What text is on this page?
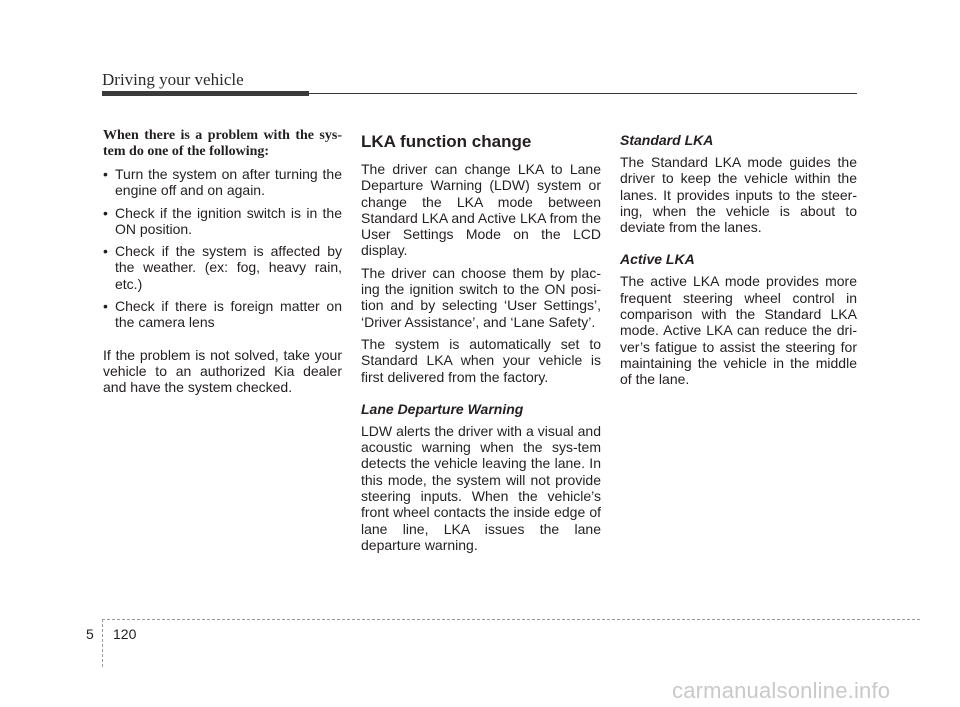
Driving your vehicle

When there is a problem with the sys-tem do one of the following:

• Turn the system on after turning the engine off and on again.
• Check if the ignition switch is in the ON position.
• Check if the system is affected by the weather. (ex: fog, heavy rain, etc.)
• Check if there is foreign matter on the camera lens

If the problem is not solved, take your vehicle to an authorized Kia dealer and have the system checked.

LKA function change

The driver can change LKA to Lane Departure Warning (LDW) system or change the LKA mode between Standard LKA and Active LKA from the User Settings Mode on the LCD display.

The driver can choose them by plac-ing the ignition switch to the ON posi-tion and by selecting ‘User Settings’, ‘Driver Assistance’, and ‘Lane Safety’.

The system is automatically set to Standard LKA when your vehicle is first delivered from the factory.

Lane Departure Warning

LDW alerts the driver with a visual and acoustic warning when the sys-tem detects the vehicle leaving the lane. In this mode, the system will not provide steering inputs. When the vehicle’s front wheel contacts the inside edge of lane line, LKA issues the lane departure warning.

Standard LKA

The Standard LKA mode guides the driver to keep the vehicle within the lanes. It provides inputs to the steer-ing, when the vehicle is about to deviate from the lanes.

Active LKA

The active LKA mode provides more frequent steering wheel control in comparison with the Standard LKA mode. Active LKA can reduce the dri-ver’s fatigue to assist the steering for maintaining the vehicle in the middle of the lane.

5 120
carmanualsonline.info
